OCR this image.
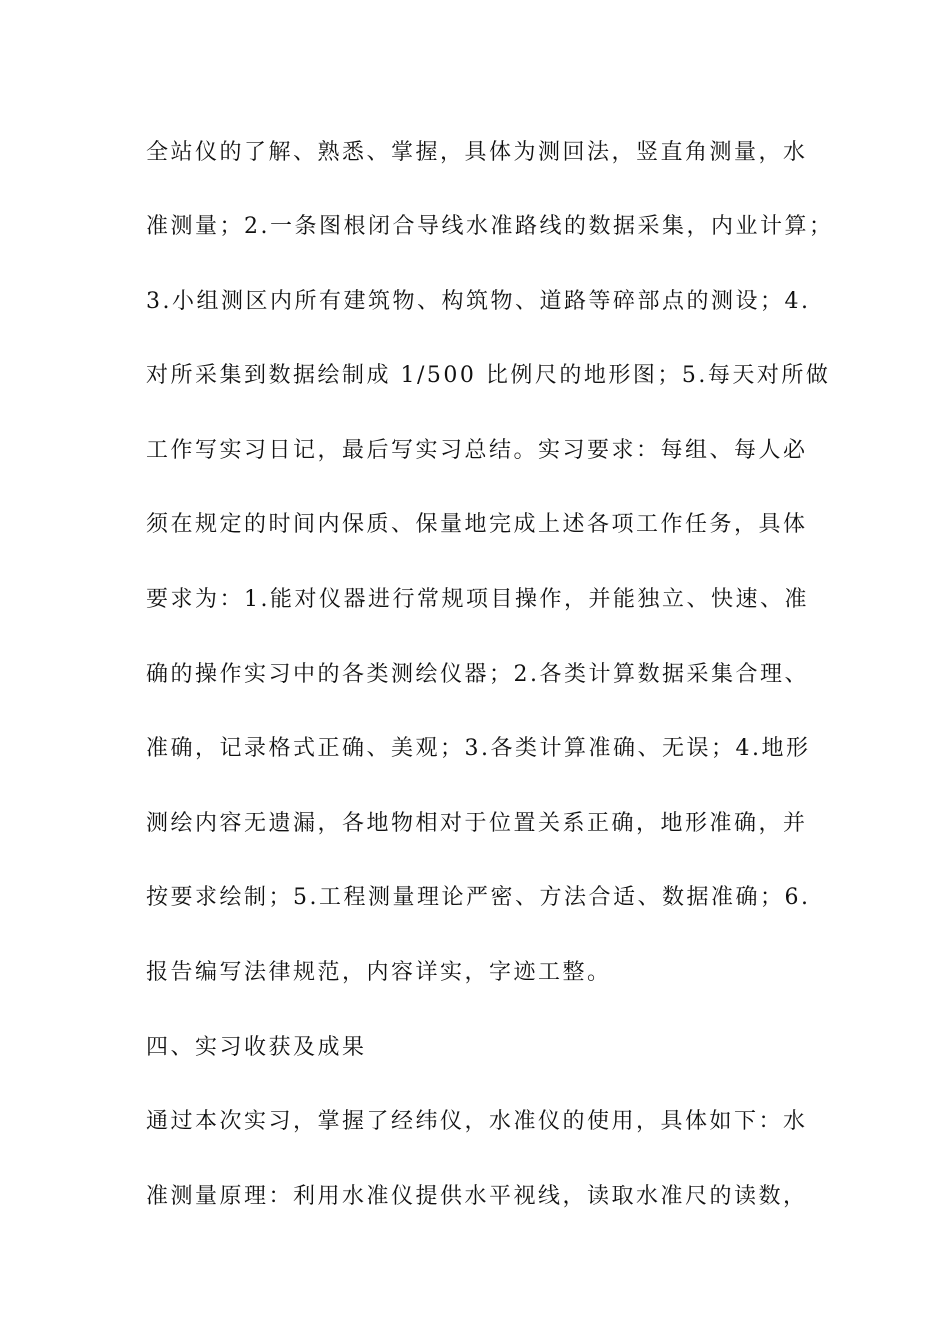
全站仪的了解、熟悉、掌握，具体为测回法，竖直角测量，水
准测量；2.一条图根闭合导线水准路线的数据采集，内业计算；
3.小组测区内所有建筑物、构筑物、道路等碎部点的测设；4.
对所采集到数据绘制成 1/500 比例尺的地形图；5.每天对所做
工作写实习日记，最后写实习总结。实习要求：每组、每人必
须在规定的时间内保质、保量地完成上述各项工作任务，具体
要求为：1.能对仪器进行常规项目操作，并能独立、快速、准
确的操作实习中的各类测绘仪器；2.各类计算数据采集合理、
准确，记录格式正确、美观；3.各类计算准确、无误；4.地形
测绘内容无遗漏，各地物相对于位置关系正确，地形准确，并
按要求绘制；5.工程测量理论严密、方法合适、数据准确；6.
报告编写法律规范，内容详实，字迹工整。
四、实习收获及成果
通过本次实习，掌握了经纬仪，水准仪的使用，具体如下：水
准测量原理：利用水准仪提供水平视线，读取水准尺的读数，
